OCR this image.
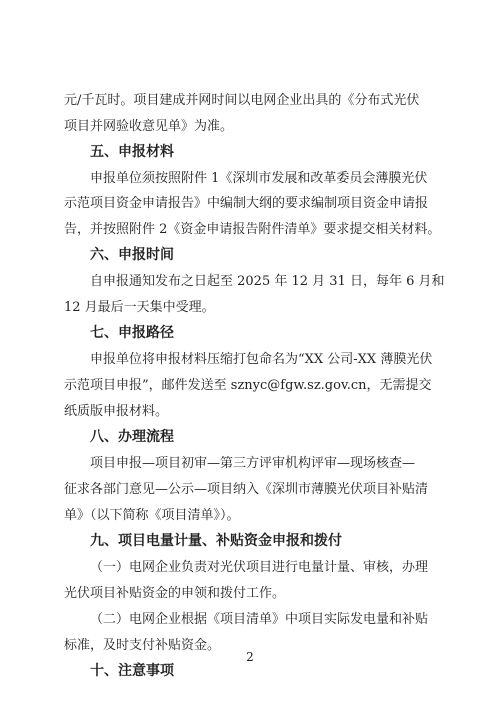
元/千瓦时。项目建成并网时间以电网企业出具的《分布式光伏
项目并网验收意见单》为准。
五、申报材料
申报单位须按照附件 1《深圳市发展和改革委员会薄膜光伏
示范项目资金申请报告》中编制大纲的要求编制项目资金申请报
告，并按照附件 2《资金申请报告附件清单》要求提交相关材料。
六、申报时间
自申报通知发布之日起至 2025 年 12 月 31 日，每年 6 月和
12 月最后一天集中受理。
七、申报路径
申报单位将申报材料压缩打包命名为“XX 公司-XX 薄膜光伏
示范项目申报”，邮件发送至 sznyc@fgw.sz.gov.cn，无需提交
纸质版申报材料。
八、办理流程
项目申报—项目初审—第三方评审机构评审—现场核查—
征求各部门意见—公示—项目纳入《深圳市薄膜光伏项目补贴清
单》（以下简称《项目清单》）。
九、项目电量计量、补贴资金申报和拨付
（一）电网企业负责对光伏项目进行电量计量、审核，办理
光伏项目补贴资金的申领和拨付工作。
（二）电网企业根据《项目清单》中项目实际发电量和补贴
标准，及时支付补贴资金。
十、注意事项
2
